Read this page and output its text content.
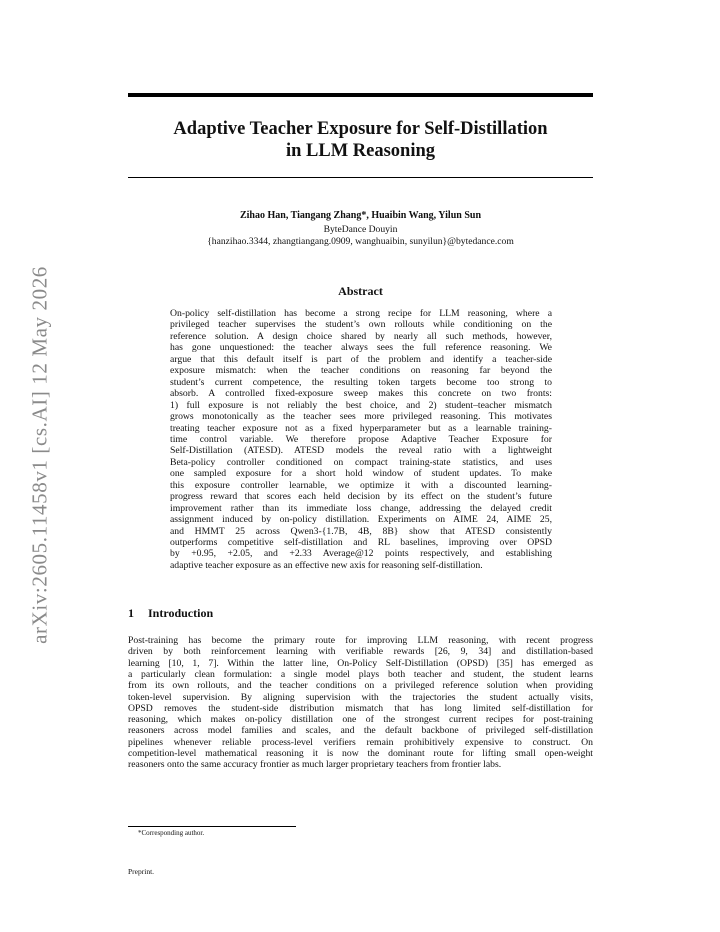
arXiv:2605.11458v1 [cs.AI] 12 May 2026
Adaptive Teacher Exposure for Self-Distillation
in LLM Reasoning
Zihao Han, Tiangang Zhang*, Huaibin Wang, Yilun Sun
ByteDance Douyin
{hanzihao.3344, zhangtiangang.0909, wanghuaibin, sunyilun}@bytedance.com
Abstract
On-policy self-distillation has become a strong recipe for LLM reasoning, where a
privileged teacher supervises the student’s own rollouts while conditioning on the
reference solution. A design choice shared by nearly all such methods, however,
has gone unquestioned: the teacher always sees the full reference reasoning. We
argue that this default itself is part of the problem and identify a teacher-side
exposure mismatch: when the teacher conditions on reasoning far beyond the
student’s current competence, the resulting token targets become too strong to
absorb. A controlled fixed-exposure sweep makes this concrete on two fronts:
1) full exposure is not reliably the best choice, and 2) student–teacher mismatch
grows monotonically as the teacher sees more privileged reasoning. This motivates
treating teacher exposure not as a fixed hyperparameter but as a learnable training-
time control variable. We therefore propose Adaptive Teacher Exposure for
Self-Distillation (ATESD). ATESD models the reveal ratio with a lightweight
Beta-policy controller conditioned on compact training-state statistics, and uses
one sampled exposure for a short hold window of student updates. To make
this exposure controller learnable, we optimize it with a discounted learning-
progress reward that scores each held decision by its effect on the student’s future
improvement rather than its immediate loss change, addressing the delayed credit
assignment induced by on-policy distillation. Experiments on AIME 24, AIME 25,
and HMMT 25 across Qwen3-{1.7B, 4B, 8B} show that ATESD consistently
outperforms competitive self-distillation and RL baselines, improving over OPSD
by +0.95, +2.05, and +2.33 Average@12 points respectively, and establishing
adaptive teacher exposure as an effective new axis for reasoning self-distillation.
1 Introduction
Post-training has become the primary route for improving LLM reasoning, with recent progress
driven by both reinforcement learning with verifiable rewards [26, 9, 34] and distillation-based
learning [10, 1, 7]. Within the latter line, On-Policy Self-Distillation (OPSD) [35] has emerged as
a particularly clean formulation: a single model plays both teacher and student, the student learns
from its own rollouts, and the teacher conditions on a privileged reference solution when providing
token-level supervision. By aligning supervision with the trajectories the student actually visits,
OPSD removes the student-side distribution mismatch that has long limited self-distillation for
reasoning, which makes on-policy distillation one of the strongest current recipes for post-training
reasoners across model families and scales, and the default backbone of privileged self-distillation
pipelines whenever reliable process-level verifiers remain prohibitively expensive to construct. On
competition-level mathematical reasoning it is now the dominant route for lifting small open-weight
reasoners onto the same accuracy frontier as much larger proprietary teachers from frontier labs.
*Corresponding author.
Preprint.
